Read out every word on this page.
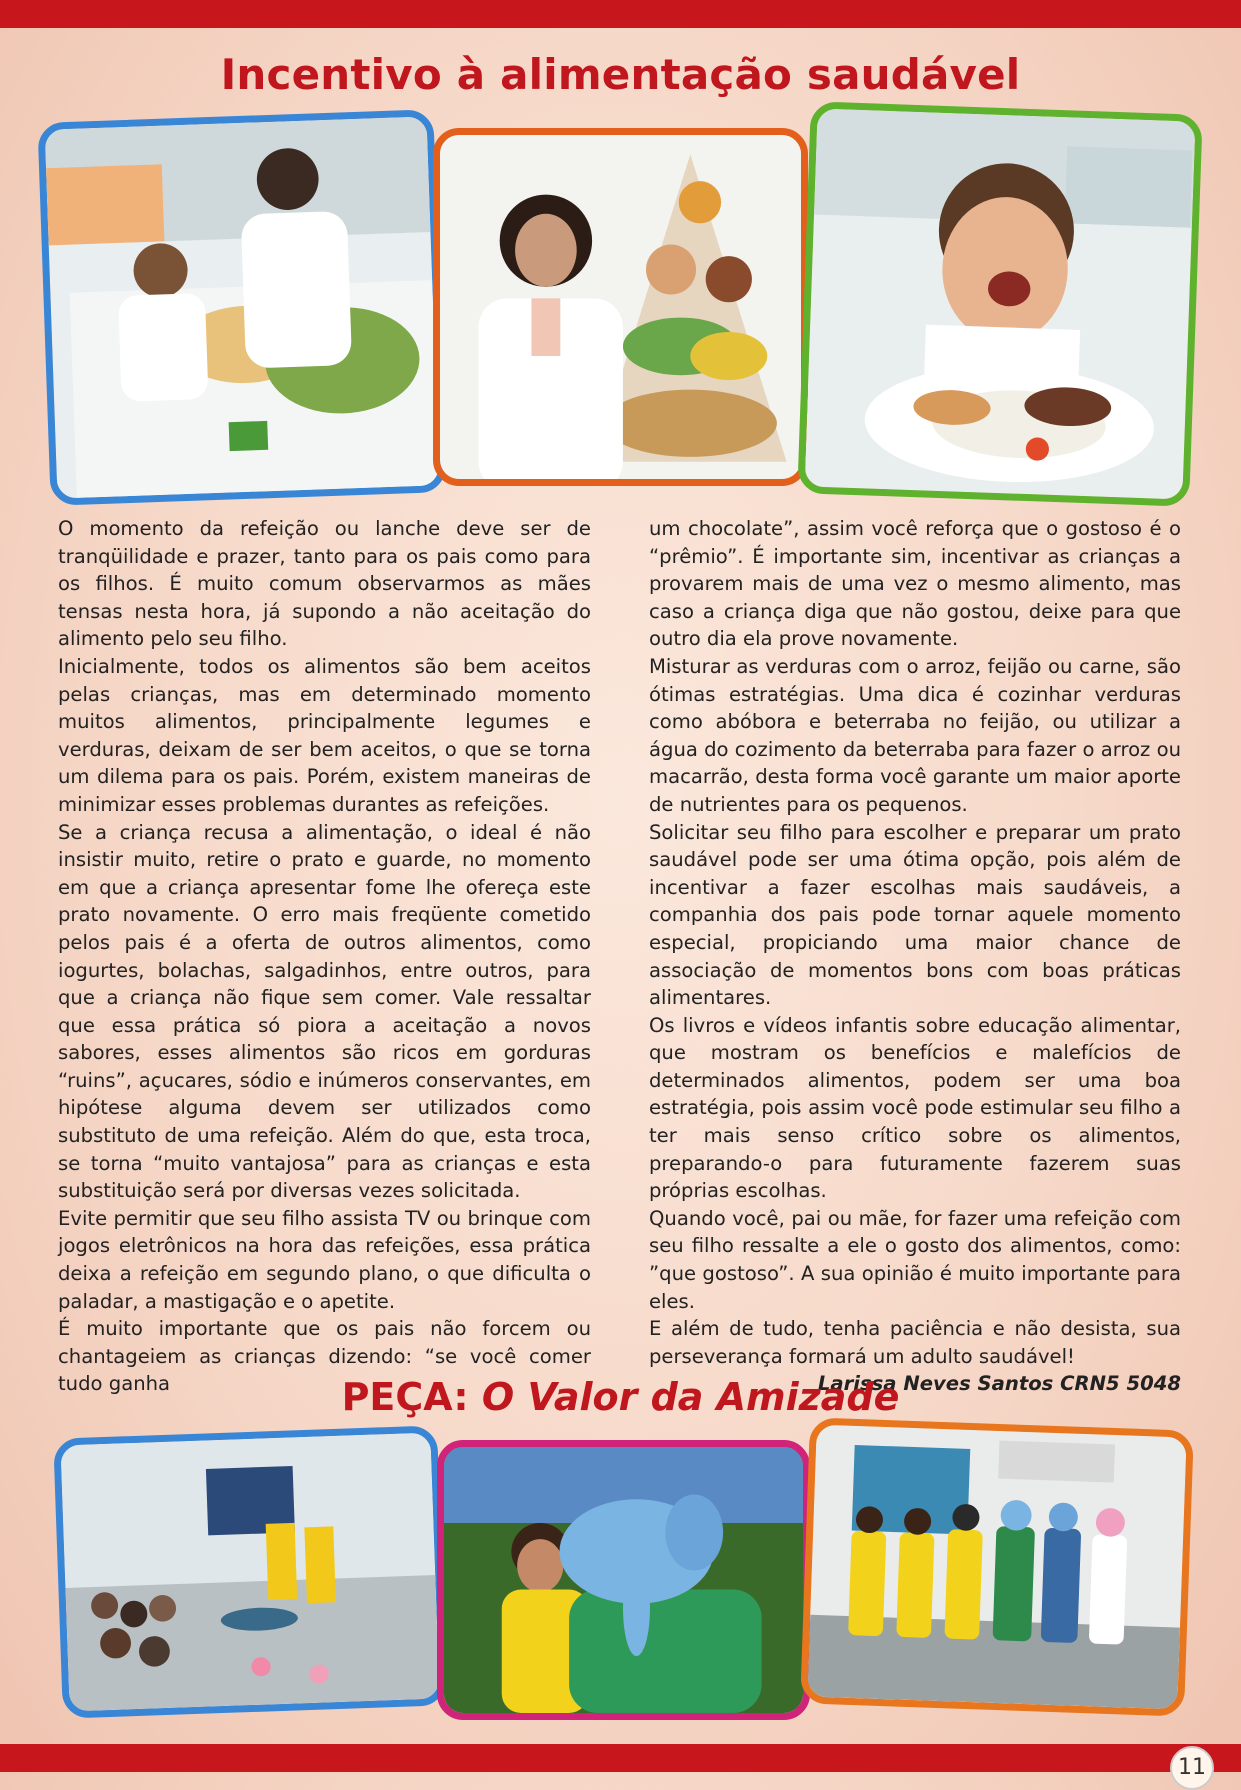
Incentivo à alimentação saudável

O momento da refeição ou lanche deve ser de tranqüilidade e prazer, tanto para os pais como para os filhos. É muito comum observarmos as mães tensas nesta hora, já supondo a não aceitação do alimento pelo seu filho.

Inicialmente, todos os alimentos são bem aceitos pelas crianças, mas em determinado momento muitos alimentos, principalmente legumes e verduras, deixam de ser bem aceitos, o que se torna um dilema para os pais. Porém, existem maneiras de minimizar esses problemas durantes as refeições.

Se a criança recusa a alimentação, o ideal é não insistir muito, retire o prato e guarde, no momento em que a criança apresentar fome lhe ofereça este prato novamente. O erro mais freqüente cometido pelos pais é a oferta de outros alimentos, como iogurtes, bolachas, salgadinhos, entre outros, para que a criança não fique sem comer. Vale ressaltar que essa prática só piora a aceitação a novos sabores, esses alimentos são ricos em gorduras “ruins”, açucares, sódio e inúmeros conservantes, em hipótese alguma devem ser utilizados como substituto de uma refeição. Além do que, esta troca, se torna “muito vantajosa” para as crianças e esta substituição será por diversas vezes solicitada.

Evite permitir que seu filho assista TV ou brinque com jogos eletrônicos na hora das refeições, essa prática deixa a refeição em segundo plano, o que dificulta o paladar, a mastigação e o apetite.

É muito importante que os pais não forcem ou chantageiem as crianças dizendo: “se você comer tudo ganha

um chocolate”, assim você reforça que o gostoso é o “prêmio”. É importante sim, incentivar as crianças a provarem mais de uma vez o mesmo alimento, mas caso a criança diga que não gostou, deixe para que outro dia ela prove novamente.

Misturar as verduras com o arroz, feijão ou carne, são ótimas estratégias. Uma dica é cozinhar verduras como abóbora e beterraba no feijão, ou utilizar a água do cozimento da beterraba para fazer o arroz ou macarrão, desta forma você garante um maior aporte de nutrientes para os pequenos.

Solicitar seu filho para escolher e preparar um prato saudável pode ser uma ótima opção, pois além de incentivar a fazer escolhas mais saudáveis, a companhia dos pais pode tornar aquele momento especial, propiciando uma maior chance de associação de momentos bons com boas práticas alimentares.

Os livros e vídeos infantis sobre educação alimentar, que mostram os benefícios e malefícios de determinados alimentos, podem ser uma boa estratégia, pois assim você pode estimular seu filho a ter mais senso crítico sobre os alimentos, preparando-o para futuramente fazerem suas próprias escolhas.

Quando você, pai ou mãe, for fazer uma refeição com seu filho ressalte a ele o gosto dos alimentos, como: ”que gostoso”. A sua opinião é muito importante para eles.

E além de tudo, tenha paciência e não desista, sua perseverança formará um adulto saudável!

Larissa Neves Santos CRN5 5048

PEÇA: O Valor da Amizade
11
